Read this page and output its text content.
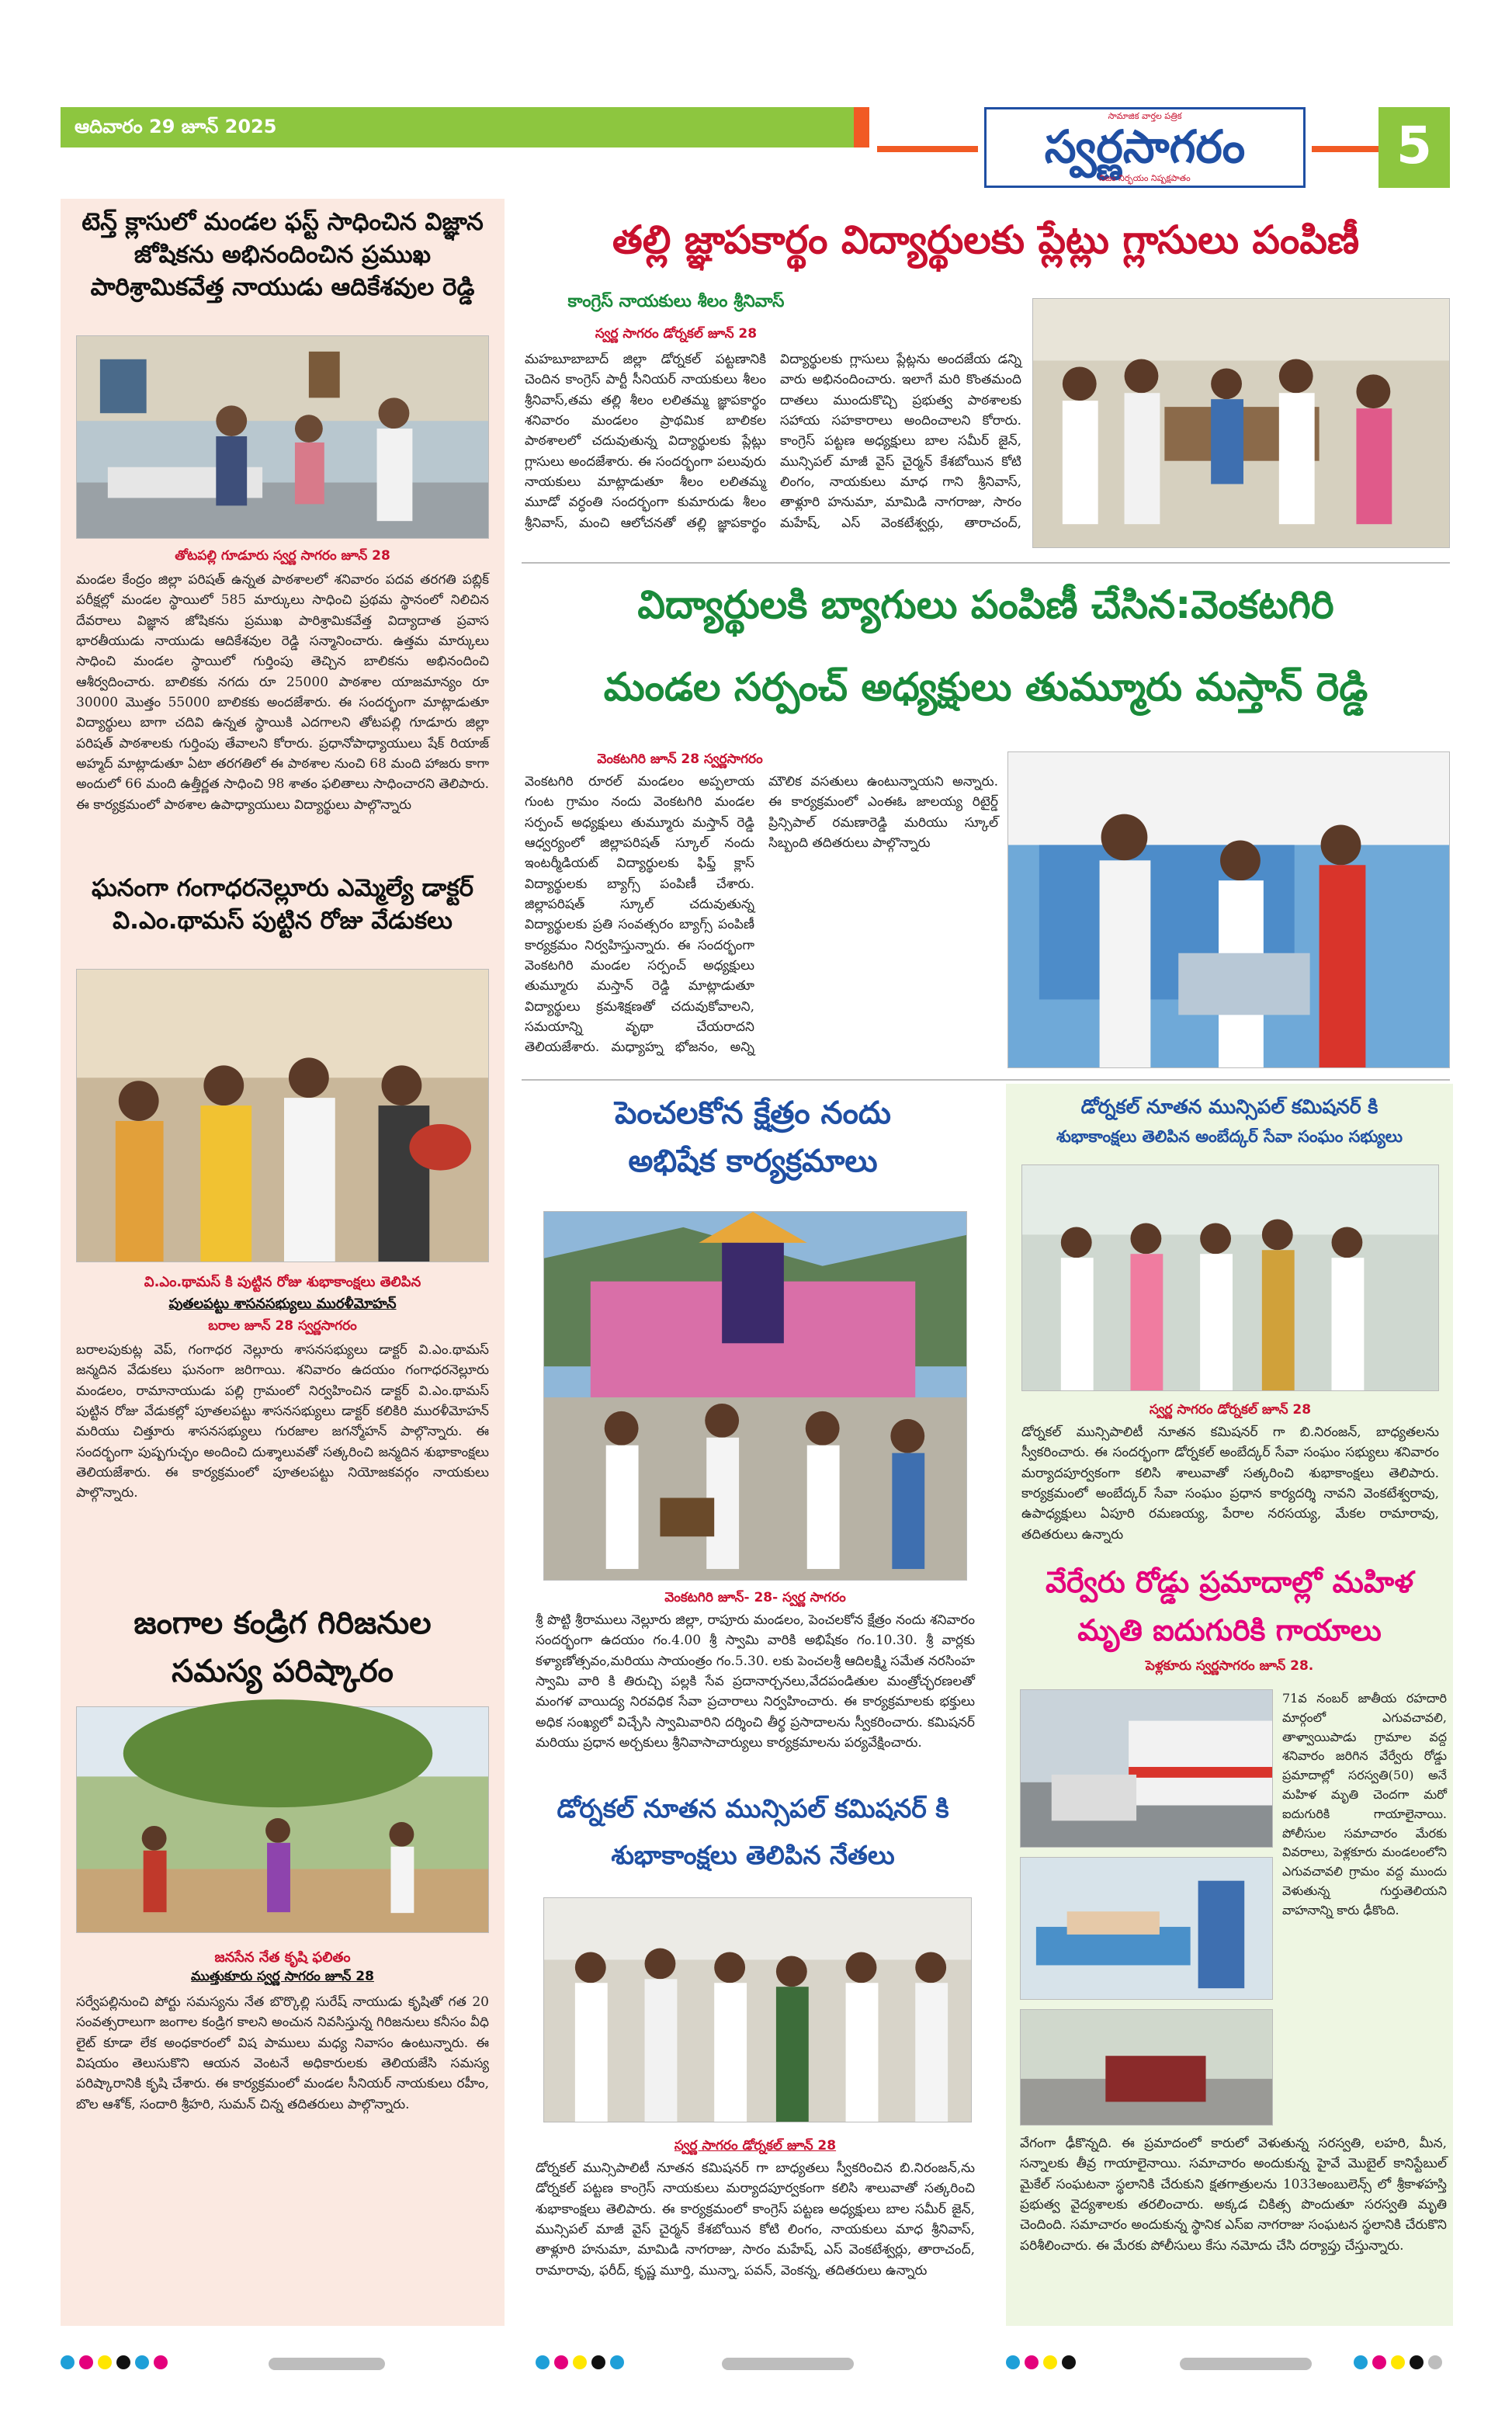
ఆదివారం 29 జూన్ 2025	సామాజిక వార్తల పత్రిక
స్వర్ణసాగరం
నిజం నిర్భయం నిష్పక్షపాతం
5
టెన్త్ క్లాసులో మండల ఫస్ట్ సాధించిన విజ్ఞాన జోషికను అభినందించిన ప్రముఖ పారిశ్రామికవేత్త నాయుడు ఆదికేశవుల రెడ్డి
తోటపల్లి గూడూరు స్వర్ణ సాగరం జూన్ 28
మండల కేంద్రం జిల్లా పరిషత్ ఉన్నత పాఠశాలలో శనివారం పదవ తరగతి పబ్లిక్ పరీక్షల్లో మండల స్థాయిలో 585 మార్కులు సాధించి ప్రథమ స్థానంలో నిలిచిన దేవరాలు విజ్ఞాన జోషికను ప్రముఖ పారిశ్రామికవేత్త విద్యాదాత ప్రవాస భారతీయుడు నాయుడు ఆదికేశవుల రెడ్డి సన్మానించారు. ఉత్తమ మార్కులు సాధించి మండల స్థాయిలో గుర్తింపు తెచ్చిన బాలికను అభినందించి ఆశీర్వదించారు. బాలికకు నగదు రూ 25000 పాఠశాల యాజమాన్యం రూ 30000 మొత్తం 55000 బాలికకు అందజేశారు. ఈ సందర్భంగా మాట్లాడుతూ విద్యార్థులు బాగా చదివి ఉన్నత స్థాయికి ఎదగాలని తోటపల్లి గూడూరు జిల్లా పరిషత్ పాఠశాలకు గుర్తింపు తేవాలని కోరారు. ప్రధానోపాధ్యాయులు షేక్ రియాజ్ అహ్మద్ మాట్లాడుతూ ఏటా తరగతిలో ఈ పాఠశాల నుంచి 68 మంది హాజరు కాగా అందులో 66 మంది ఉత్తీర్ణత సాధించి 98 శాతం ఫలితాలు సాధించారని తెలిపారు. ఈ కార్యక్రమంలో పాఠశాల ఉపాధ్యాయులు విద్యార్థులు పాల్గొన్నారు
ఘనంగా గంగాధరనెల్లూరు ఎమ్మెల్యే డాక్టర్ వి.ఎం.థామస్ పుట్టిన రోజు వేడుకలు
వి.ఎం.థామస్ కి పుట్టిన రోజు శుభాకాంక్షలు తెలిపిన
పుతలపట్టు శాసనసభ్యులు మురళీమోహన్
బరాల జూన్ 28 స్వర్ణసాగరం
బరాలపుకుట్ల వెప్, గంగాధర నెల్లూరు శాసనసభ్యులు డాక్టర్ వి.ఎం.థామస్ జన్మదిన వేడుకలు ఘనంగా జరిగాయి. శనివారం ఉదయం గంగాధరనెల్లూరు మండలం, రామానాయుడు పల్లి గ్రామంలో నిర్వహించిన డాక్టర్ వి.ఎం.థామస్ పుట్టిన రోజు వేడుకల్లో పూతలపట్టు శాసనసభ్యులు డాక్టర్ కలికిరి మురళీమోహన్ మరియు చిత్తూరు శాసనసభ్యులు గురజాల జగన్మోహన్ పాల్గొన్నారు. ఈ సందర్భంగా పుష్పగుచ్ఛం అందించి దుశ్శాలువతో సత్కరించి జన్మదిన శుభాకాంక్షలు తెలియజేశారు. ఈ కార్యక్రమంలో పూతలపట్టు నియోజకవర్గం నాయకులు పాల్గొన్నారు.
జంగాల కండ్రిగ గిరిజనుల సమస్య పరిష్కారం
జనసేన నేత కృషి ఫలితం
ముత్తుకూరు స్వర్ణ సాగరం జూన్ 28
సర్వేపల్లినుంచి పోర్టు సమస్యను నేత బొర్కొల్లి సురేష్ నాయుడు కృషితో గత 20 సంవత్సరాలుగా జంగాల కండ్రిగ కాలని అంచున నివసిస్తున్న గిరిజనులు కనీసం వీధి లైట్ కూడా లేక అంధకారంలో విష పాములు మధ్య నివాసం ఉంటున్నారు. ఈ విషయం తెలుసుకొని ఆయన వెంటనే అధికారులకు తెలియజేసి సమస్య పరిష్కారానికి కృషి చేశారు. ఈ కార్యక్రమంలో మండల సీనియర్ నాయకులు రహీం, బొల ఆశోక్, సందారి శ్రీహరి, సుమన్ చిన్న తదితరులు పాల్గొన్నారు.
తల్లి జ్ఞాపకార్థం విద్యార్థులకు ప్లేట్లు గ్లాసులు పంపిణీ
కాంగ్రెస్ నాయకులు శీలం శ్రీనివాస్
స్వర్ణ సాగరం డోర్నకల్ జూన్ 28
మహబూబాబాద్ జిల్లా డోర్నకల్ పట్టణానికి చెందిన కాంగ్రెస్ పార్టీ సీనియర్ నాయకులు శీలం శ్రీనివాస్,తమ తల్లి శీలం లలితమ్మ జ్ఞాపకార్థం శనివారం మండలం ప్రాథమిక బాలికల పాఠశాలలో చదువుతున్న విద్యార్థులకు ప్లేట్లు గ్లాసులు అందజేశారు. ఈ సందర్భంగా పలువురు నాయకులు మాట్లాడుతూ శీలం లలితమ్మ మూడో వర్ధంతి సందర్భంగా కుమారుడు శీలం శ్రీనివాస్, మంచి ఆలోచనతో తల్లి జ్ఞాపకార్థం విద్యార్థులకు గ్లాసులు ప్లేట్లను అందజేయ డన్ని వారు అభినందించారు. ఇలాగే మరి కొంతమంది దాతలు ముందుకొచ్చి ప్రభుత్వ పాఠశాలకు సహాయ సహకారాలు అందించాలని కోరారు. కాంగ్రెస్ పట్టణ అధ్యక్షులు బాల సమీర్ జైన్, మున్సిపల్ మాజీ వైస్ చైర్మన్ కేశబోయిన కోటి లింగం, నాయకులు మాధ గాని శ్రీనివాస్, తాళ్లూరి హనుమా, మామిడి నాగరాజు, సారం మహేష్, ఎస్ వెంకటేశ్వర్లు, తారాచంద్,
విద్యార్థులకి బ్యాగులు పంపిణీ చేసిన:వెంకటగిరి
మండల సర్పంచ్ అధ్యక్షులు తుమ్మూరు మస్తాన్ రెడ్డి
వెంకటగిరి జూన్ 28 స్వర్ణసాగరం
వెంకటగిరి రూరల్ మండలం అప్పలాయ గుంట గ్రామం నందు వెంకటగిరి మండల సర్పంచ్ అధ్యక్షులు తుమ్మూరు మస్తాన్ రెడ్డి ఆధ్వర్యంలో జిల్లాపరిషత్ స్కూల్ నందు ఇంటర్మీడియట్ విద్యార్థులకు ఫిఫ్త్ క్లాస్ విద్యార్థులకు బ్యాగ్స్ పంపిణీ చేశారు. జిల్లాపరిషత్ స్కూల్ చదువుతున్న విద్యార్థులకు ప్రతి సంవత్సరం బ్యాగ్స్ పంపిణీ కార్యక్రమం నిర్వహిస్తున్నారు. ఈ సందర్భంగా వెంకటగిరి మండల సర్పంచ్ అధ్యక్షులు తుమ్మూరు మస్తాన్ రెడ్డి మాట్లాడుతూ విద్యార్థులు క్రమశిక్షణతో చదువుకోవాలని, సమయాన్ని వృథా చేయరాదని తెలియజేశారు. మధ్యాహ్న భోజనం, అన్ని మౌలిక వసతులు ఉంటున్నాయని అన్నారు. ఈ కార్యక్రమంలో ఎంఈఓ జాలయ్య రిటైర్డ్ ప్రిన్సిపాల్ రమణారెడ్డి మరియు స్కూల్ సిబ్బంది తదితరులు పాల్గొన్నారు
పెంచలకోన క్షేత్రం నందు
అభిషేక కార్యక్రమాలు
వెంకటగిరి జూన్- 28- స్వర్ణ సాగరం
శ్రీ పొట్టి శ్రీరాములు నెల్లూరు జిల్లా, రాపూరు మండలం, పెంచలకోన క్షేత్రం నందు శనివారం సందర్భంగా ఉదయం గం.4.00 శ్రీ స్వామి వారికి అభిషేకం గం.10.30. శ్రీ వార్లకు కళ్యాణోత్సవం,మరియు సాయంత్రం గం.5.30. లకు పెంచలశ్రీ ఆదిలక్ష్మి సమేత నరసింహ స్వామి వారి కి తిరుచ్చి పల్లకి సేవ ప్రదానార్చనలు,వేదపండితుల మంత్రోచ్ఛరణలతో మంగళ వాయిద్య నిరవధిక సేవా ప్రచారాలు నిర్వహించారు. ఈ కార్యక్రమాలకు భక్తులు అధిక సంఖ్యలో విచ్చేసి స్వామివారిని దర్శించి తీర్థ ప్రసాదాలను స్వీకరించారు. కమిషనర్ మరియు ప్రధాన అర్చకులు శ్రీనివాసాచార్యులు కార్యక్రమాలను పర్యవేక్షించారు.
డోర్నకల్ నూతన మున్సిపల్ కమిషనర్ కి
శుభాకాంక్షలు తెలిపిన నేతలు
స్వర్ణ సాగరం డోర్నకల్ జూన్ 28
డోర్నకల్ మున్సిపాలిటీ నూతన కమిషనర్ గా బాధ్యతలు స్వీకరించిన బి.నిరంజన్,ను డోర్నకల్ పట్టణ కాంగ్రెస్ నాయకులు మర్యాదపూర్వకంగా కలిసి శాలువాతో సత్కరించి శుభాకాంక్షలు తెలిపారు. ఈ కార్యక్రమంలో కాంగ్రెస్ పట్టణ అధ్యక్షులు బాల సమీర్ జైన్, మున్సిపల్ మాజీ వైస్ చైర్మన్ కేశబోయిన కోటి లింగం, నాయకులు మాధ శ్రీనివాస్, తాళ్లూరి హనుమా, మామిడి నాగరాజు, సారం మహేష్, ఎస్ వెంకటేశ్వర్లు, తారాచంద్, రామారావు, ఫరీద్, కృష్ణ మూర్తి, మున్నా, పవన్, వెంకన్న, తదితరులు ఉన్నారు
డోర్నకల్ నూతన మున్సిపల్ కమిషనర్ కి
శుభాకాంక్షలు తెలిపిన అంబేద్కర్ సేవా సంఘం సభ్యులు
స్వర్ణ సాగరం డోర్నకల్ జూన్ 28
డోర్నకల్ మున్సిపాలిటీ నూతన కమిషనర్ గా బి.నిరంజన్, బాధ్యతలను స్వీకరించారు. ఈ సందర్భంగా డోర్నకల్ అంబేద్కర్ సేవా సంఘం సభ్యులు శనివారం మర్యాదపూర్వకంగా కలిసి శాలువాతో సత్కరించి శుభాకాంక్షలు తెలిపారు. కార్యక్రమంలో అంబేద్కర్ సేవా సంఘం ప్రధాన కార్యదర్శి నావని వెంకటేశ్వరావు, ఉపాధ్యక్షులు ఏపూరి రమణయ్య, పేరాల నరసయ్య, మేకల రామారావు, తదితరులు ఉన్నారు
వేర్వేరు రోడ్డు ప్రమాదాల్లో మహిళ
మృతి ఐదుగురికి గాయాలు
పెళ్లకూరు స్వర్ణసాగరం జూన్ 28.
71వ నంబర్ జాతీయ రహదారి మార్గంలో ఎగువచావలి, తాళ్వాయిపాడు గ్రామాల వద్ద శనివారం జరిగిన వేర్వేరు రోడ్డు ప్రమాదాల్లో సరస్వతి(50) అనే మహిళ మృతి చెందగా మరో ఐదుగురికి గాయాలైనాయి. పోలీసుల సమాచారం మేరకు వివరాలు, పెళ్లకూరు మండలంలోని ఎగువచావలి గ్రామం వద్ద ముందు వెళుతున్న గుర్తుతెలియని వాహనాన్ని కారు ఢీకొంది.
వేగంగా ఢీకొన్నది. ఈ ప్రమాదంలో కారులో వెళుతున్న సరస్వతి, లహరి, మీన, సన్నాలకు తీవ్ర గాయాలైనాయి. సమాచారం అందుకున్న హైవే మొబైల్ కానిస్టేబుల్ మైకేల్ సంఘటనా స్థలానికి చేరుకుని క్షతగాత్రులను 1033అంబులెన్స్ లో శ్రీకాళహస్తి ప్రభుత్వ వైద్యశాలకు తరలించారు. అక్కడ చికిత్స పొందుతూ సరస్వతి మృతి చెందింది. సమాచారం అందుకున్న స్థానిక ఎస్ఐ నాగరాజు సంఘటన స్థలానికి చేరుకొని పరిశీలించారు. ఈ మేరకు పోలీసులు కేసు నమోదు చేసి దర్యాప్తు చేస్తున్నారు.
